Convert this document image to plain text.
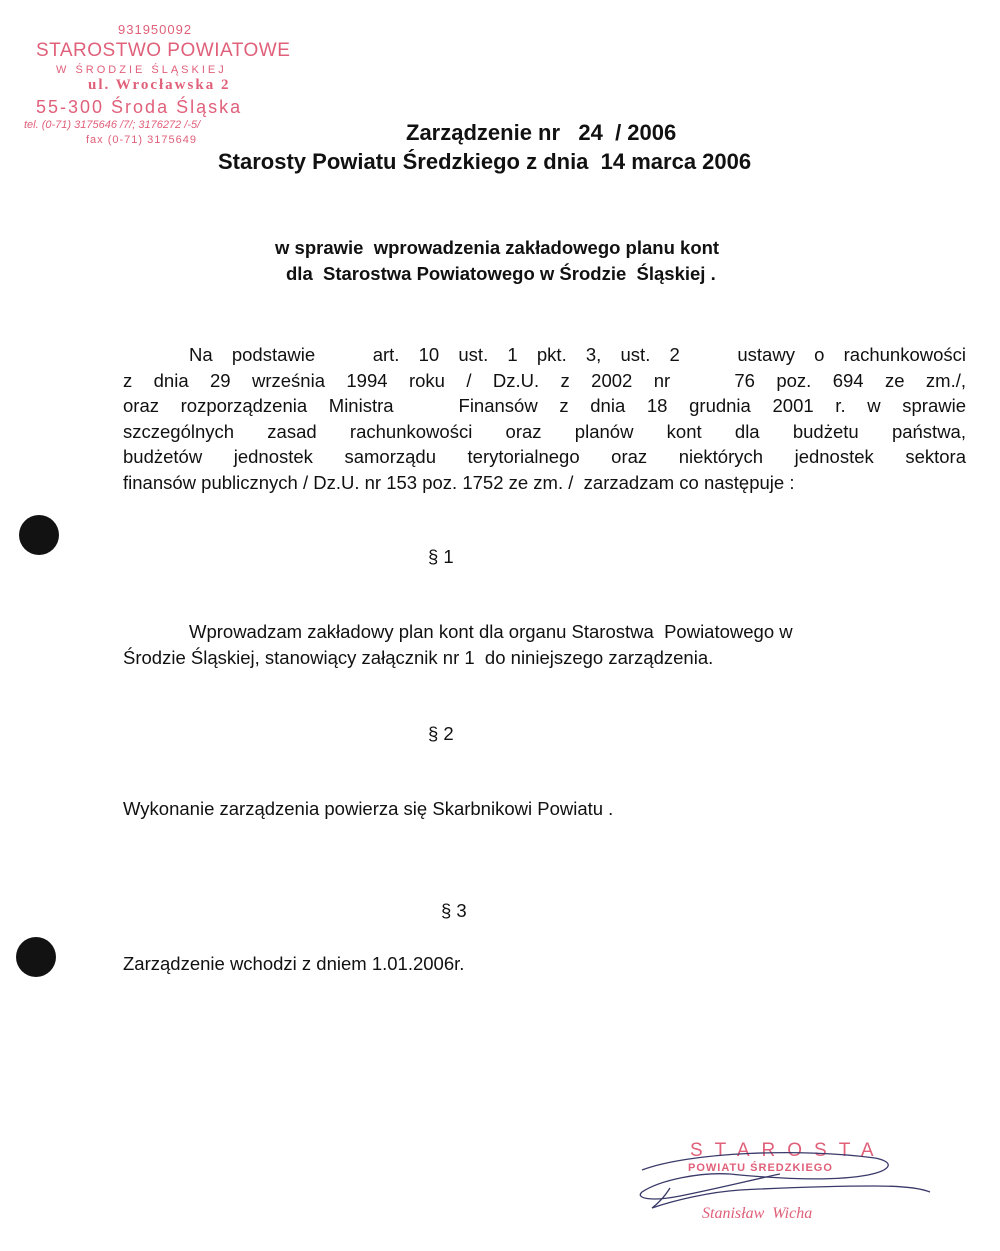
931950092
STAROSTWO POWIATOWE
W ŚRODZIE ŚLĄSKIEJ
ul. Wrocławska 2
55-300 Środa Śląska
tel. (0-71) 3175646 /7/; 3176272 /-5/
fax (0-71) 3175649	Zarządzenie nr   24  / 2006
Starosty Powiatu Średzkiego z dnia  14 marca 2006
w sprawie  wprowadzenia zakładowego planu kont
dla  Starostwa Powiatowego w Środzie  Śląskiej .
Na podstawie   art. 10 ust. 1 pkt. 3, ust. 2   ustawy o rachunkowości
z dnia 29 września 1994 roku / Dz.U. z 2002 nr   76 poz. 694 ze zm./,
oraz rozporządzenia Ministra   Finansów z dnia 18 grudnia 2001 r. w sprawie
szczególnych zasad rachunkowości oraz planów kont dla budżetu państwa,
budżetów jednostek samorządu terytorialnego oraz niektórych jednostek sektora
finansów publicznych / Dz.U. nr 153 poz. 1752 ze zm. /  zarzadzam co następuje :
§ 1
Wprowadzam zakładowy plan kont dla organu Starostwa  Powiatowego w
Środzie Śląskiej, stanowiący załącznik nr 1  do niniejszego zarządzenia.
§ 2
Wykonanie zarządzenia powierza się Skarbnikowi Powiatu .
§ 3
Zarządzenie wchodzi z dniem 1.01.2006r.
STAROSTA
POWIATU ŚREDZKIEGO
Stanisław  Wicha
